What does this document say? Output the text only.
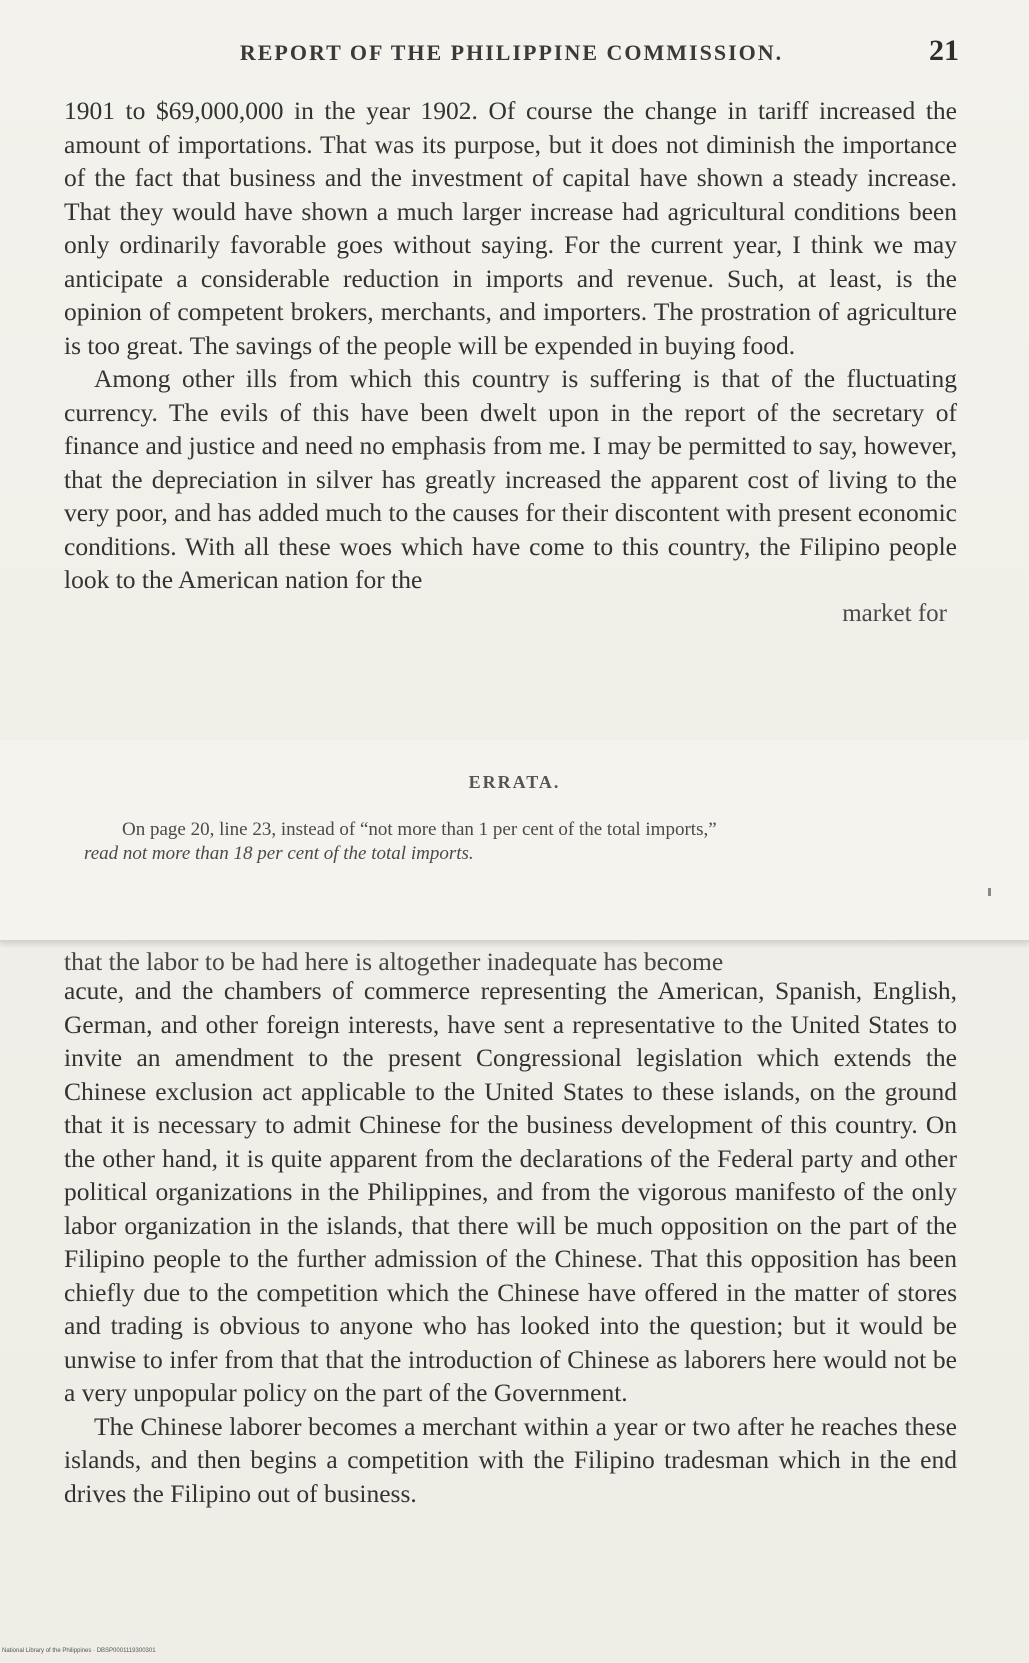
REPORT OF THE PHILIPPINE COMMISSION.	21

1901 to $69,000,000 in the year 1902. Of course the change in tariff increased the amount of importations. That was its purpose, but it does not diminish the importance of the fact that business and the investment of capital have shown a steady increase. That they would have shown a much larger increase had agricultural conditions been only ordinarily favorable goes without saying. For the current year, I think we may anticipate a considerable reduction in imports and revenue. Such, at least, is the opinion of competent brokers, merchants, and importers. The prostration of agriculture is too great. The savings of the people will be expended in buying food.

Among other ills from which this country is suffering is that of the fluctuating currency. The evils of this have been dwelt upon in the report of the secretary of finance and justice and need no emphasis from me. I may be permitted to say, however, that the depreciation in silver has greatly increased the apparent cost of living to the very poor, and has added much to the causes for their discontent with present economic conditions. With all these woes which have come to this country, the Filipino people look to the American nation for the

market for
ERRATA.
On page 20, line 23, instead of “not more than 1 per cent of the total imports,”
read not more than 18 per cent of the total imports.
that the labor to be had here is altogether inadequate has become

acute, and the chambers of commerce representing the American, Spanish, English, German, and other foreign interests, have sent a representative to the United States to invite an amendment to the present Congressional legislation which extends the Chinese exclusion act applicable to the United States to these islands, on the ground that it is necessary to admit Chinese for the business development of this country. On the other hand, it is quite apparent from the declarations of the Federal party and other political organizations in the Philippines, and from the vigorous manifesto of the only labor organization in the islands, that there will be much opposition on the part of the Filipino people to the further admission of the Chinese. That this opposition has been chiefly due to the competition which the Chinese have offered in the matter of stores and trading is obvious to anyone who has looked into the question; but it would be unwise to infer from that that the introduction of Chinese as laborers here would not be a very unpopular policy on the part of the Government.

The Chinese laborer becomes a merchant within a year or two after he reaches these islands, and then begins a competition with the Filipino tradesman which in the end drives the Filipino out of business.

National Library of the Philippines · DBSP0001119300301
